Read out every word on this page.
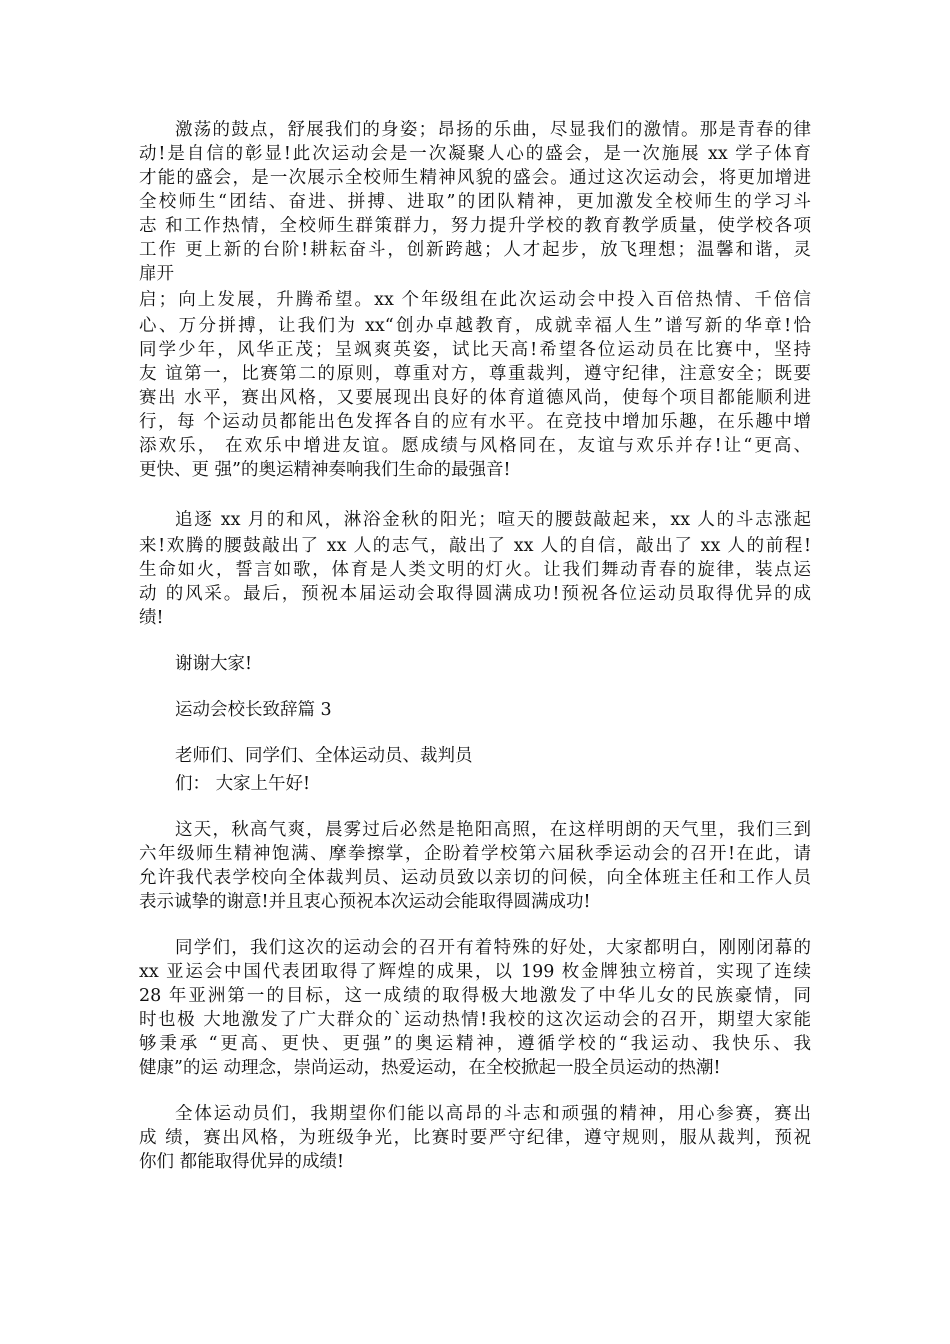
激荡的鼓点，舒展我们的身姿；昂扬的乐曲，尽显我们的激情。那是青春的律
动!是自信的彰显!此次运动会是一次凝聚人心的盛会，是一次施展 xx 学子体育
才能的盛会，是一次展示全校师生精神风貌的盛会。通过这次运动会，将更加增进
全校师生“团结、奋进、拼搏、进取”的团队精神，更加激发全校师生的学习斗
志 和工作热情，全校师生群策群力，努力提升学校的教育教学质量，使学校各项
工作 更上新的台阶!耕耘奋斗，创新跨越；人才起步，放飞理想；温馨和谐，灵
扉开
启；向上发展，升腾希望。xx 个年级组在此次运动会中投入百倍热情、千倍信
心、万分拼搏，让我们为 xx“创办卓越教育，成就幸福人生”谱写新的华章!恰
同学少年，风华正茂；呈飒爽英姿，试比天高!希望各位运动员在比赛中，坚持
友 谊第一，比赛第二的原则，尊重对方，尊重裁判，遵守纪律，注意安全；既要
赛出 水平，赛出风格，又要展现出良好的体育道德风尚，使每个项目都能顺利进
行，每 个运动员都能出色发挥各自的应有水平。在竞技中增加乐趣，在乐趣中增
添欢乐， 在欢乐中增进友谊。愿成绩与风格同在，友谊与欢乐并存!让“更高、
更快、更 强”的奥运精神奏响我们生命的最强音!
追逐 xx 月的和风，淋浴金秋的阳光；喧天的腰鼓敲起来，xx 人的斗志涨起
来!欢腾的腰鼓敲出了 xx 人的志气，敲出了 xx 人的自信，敲出了 xx 人的前程!
生命如火，誓言如歌，体育是人类文明的灯火。让我们舞动青春的旋律，装点运
动 的风采。最后，预祝本届运动会取得圆满成功!预祝各位运动员取得优异的成
绩!
谢谢大家!
运动会校长致辞篇 3
老师们、同学们、全体运动员、裁判员
们： 大家上午好!
这天，秋高气爽，晨雾过后必然是艳阳高照，在这样明朗的天气里，我们三到
六年级师生精神饱满、摩拳擦掌，企盼着学校第六届秋季运动会的召开!在此，请
允许我代表学校向全体裁判员、运动员致以亲切的问候，向全体班主任和工作人员
表示诚挚的谢意!并且衷心预祝本次运动会能取得圆满成功!
同学们，我们这次的运动会的召开有着特殊的好处，大家都明白，刚刚闭幕的
xx 亚运会中国代表团取得了辉煌的成果，以 199 枚金牌独立榜首，实现了连续
28 年亚洲第一的目标，这一成绩的取得极大地激发了中华儿女的民族豪情，同
时也极 大地激发了广大群众的`运动热情!我校的这次运动会的召开，期望大家能
够秉承 “更高、更快、更强”的奥运精神，遵循学校的“我运动、我快乐、我
健康”的运 动理念，崇尚运动，热爱运动，在全校掀起一股全员运动的热潮!
全体运动员们，我期望你们能以高昂的斗志和顽强的精神，用心参赛，赛出
成 绩，赛出风格，为班级争光，比赛时要严守纪律，遵守规则，服从裁判，预祝
你们 都能取得优异的成绩!
